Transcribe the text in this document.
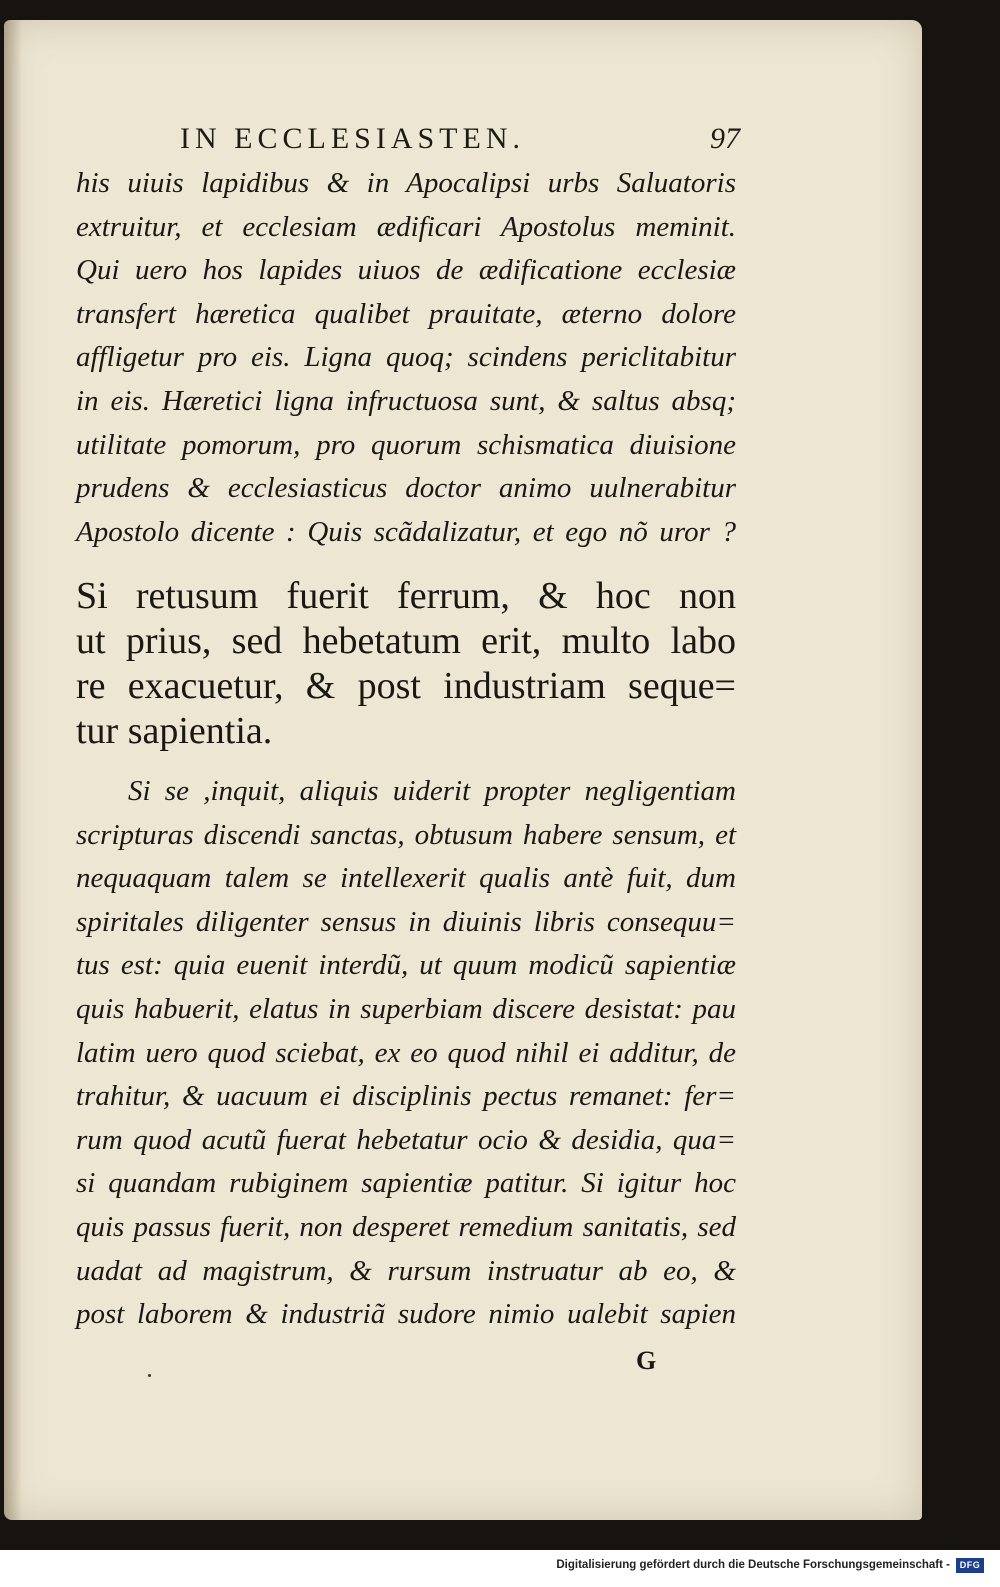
IN ECCLESIASTEN.	97
his uiuis lapidibus & in Apocalipsi urbs Saluatoris
extruitur, et ecclesiam ædificari Apostolus meminit.
Qui uero hos lapides uiuos de ædificatione ecclesiæ
transfert hæretica qualibet prauitate, æterno dolore
affligetur pro eis. Ligna quoq; scindens periclitabitur
in eis. Hæretici ligna infructuosa sunt, & saltus absq;
utilitate pomorum, pro quorum schismatica diuisione
prudens & ecclesiasticus doctor animo uulnerabitur
Apostolo dicente : Quis scãdalizatur, et ego nõ uror ?
Si retusum fuerit ferrum, & hoc non
ut prius, sed hebetatum erit, multo labo
re exacuetur, & post industriam seque=
tur sapientia.
Si se ,inquit, aliquis uiderit propter negligentiam
scripturas discendi sanctas, obtusum habere sensum, et
nequaquam talem se intellexerit qualis antè fuit, dum
spiritales diligenter sensus in diuinis libris consequu=
tus est: quia euenit interdũ, ut quum modicũ sapientiæ
quis habuerit, elatus in superbiam discere desistat: pau
latim uero quod sciebat, ex eo quod nihil ei additur, de
trahitur, & uacuum ei disciplinis pectus remanet: fer=
rum quod acutũ fuerat hebetatur ocio & desidia, qua=
si quandam rubiginem sapientiæ patitur. Si igitur hoc
quis passus fuerit, non desperet remedium sanitatis, sed
uadat ad magistrum, & rursum instruatur ab eo, &
post laborem & industriã sudore nimio ualebit sapien
G
Digitalisierung gefördert durch die Deutsche Forschungsgemeinschaft -	DFG
